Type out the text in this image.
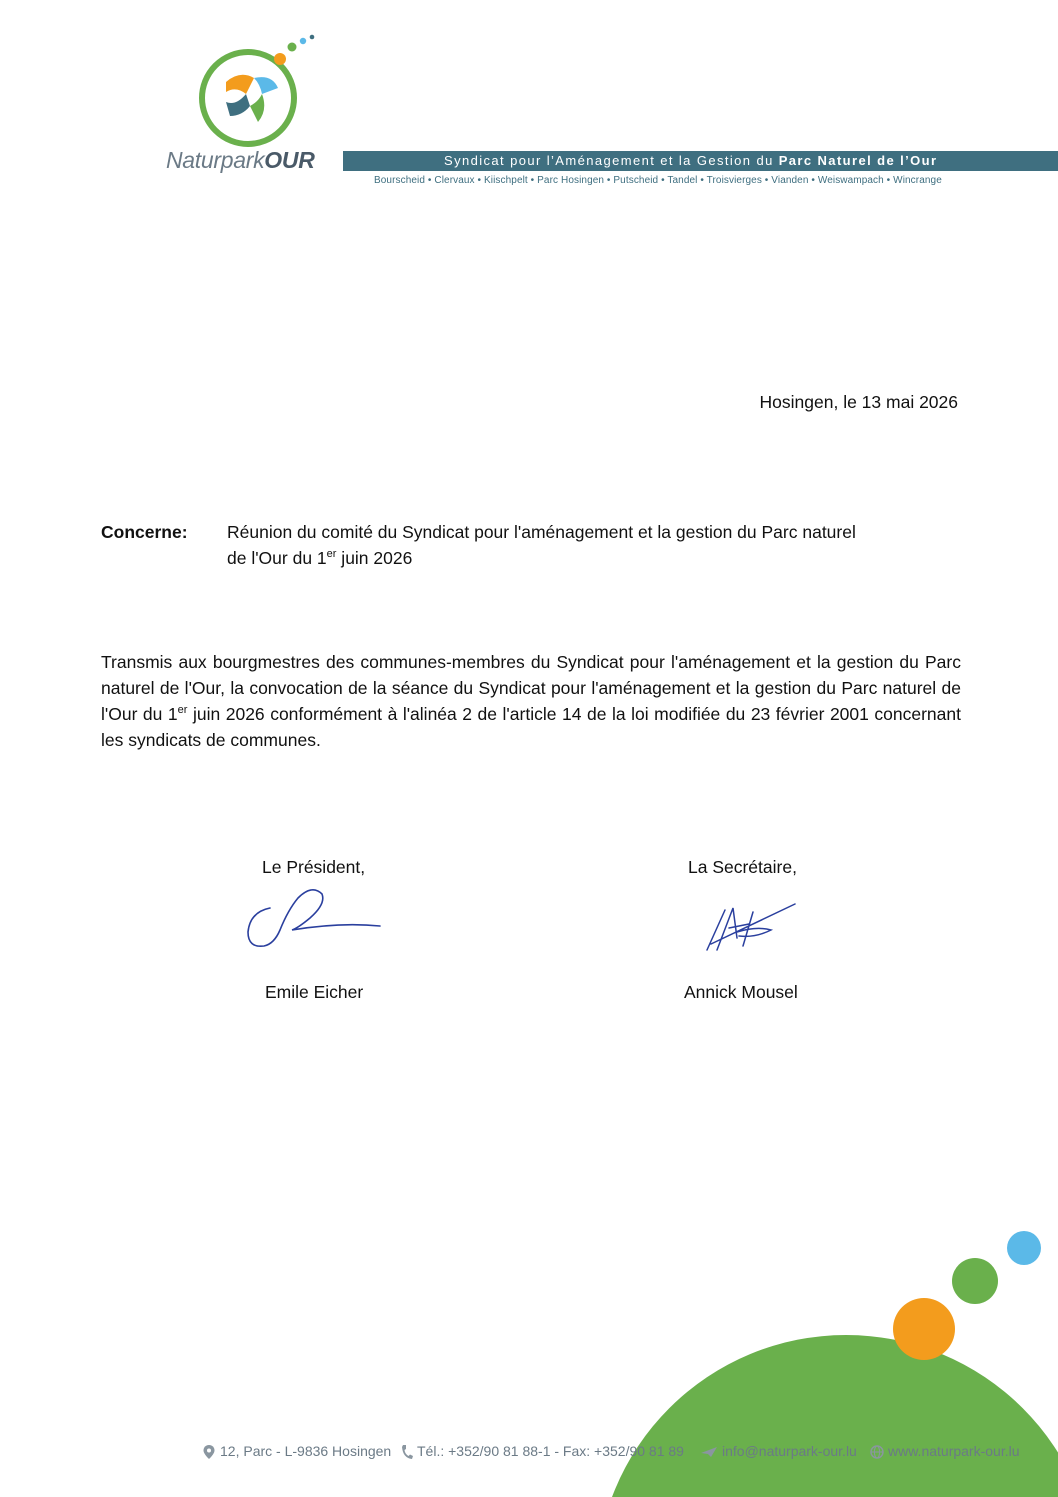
NaturparkOUR	Syndicat pour l’Aménagement et la Gestion du Parc Naturel de l’Our
Bourscheid • Clervaux • Kiischpelt • Parc Hosingen • Putscheid • Tandel • Troisvierges • Vianden • Weiswampach • Wincrange
Hosingen, le 13 mai 2026
Concerne: Réunion du comité du Syndicat pour l'aménagement et la gestion du Parc naturel
de l'Our du 1er juin 2026
Transmis aux bourgmestres des communes-membres du Syndicat pour l'aménagement et la gestion du Parc naturel de l'Our, la convocation de la séance du Syndicat pour l'aménagement et la gestion du Parc naturel de l'Our du 1er juin 2026 conformément à l'alinéa 2 de l'article 14 de la loi modifiée du 23 février 2001 concernant les syndicats de communes.
Le Président,
Emile Eicher
La Secrétaire,
Annick Mousel
12, Parc - L-9836 Hosingen Tél.: +352/90 81 88-1 - Fax: +352/90 81 89	info@naturpark-our.lu www.naturpark-our.lu
